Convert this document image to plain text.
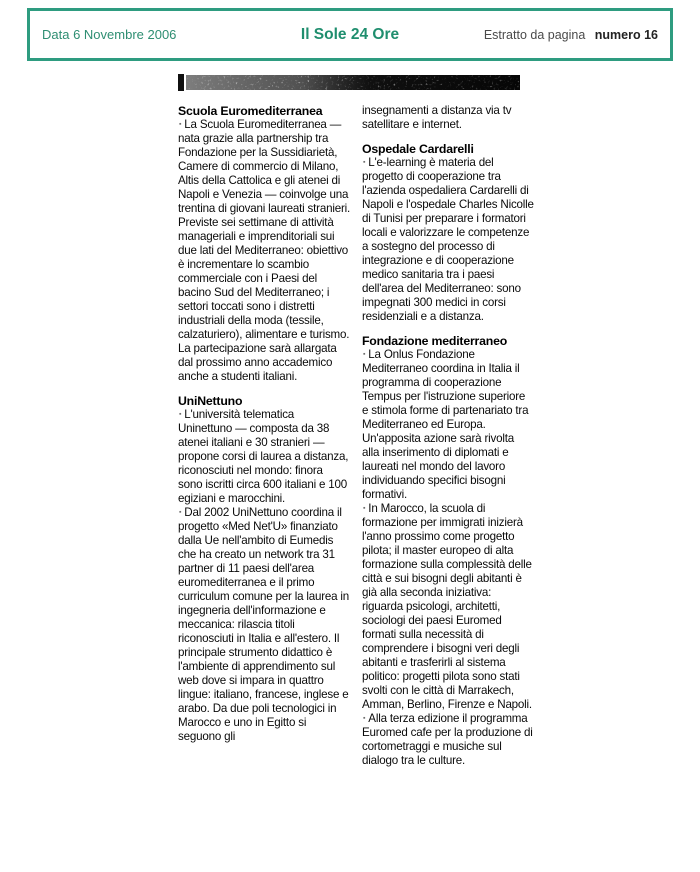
Data 6 Novembre 2006	Il Sole 24 Ore	Estratto da pagina numero 16
Scuola Euromediterranea
▪ La Scuola Euromediterranea — nata grazie alla partnership tra Fondazione per la Sussidiarietà, Camere di commercio di Milano, Altis della Cattolica e gli atenei di Napoli e Venezia — coinvolge una trentina di giovani laureati stranieri. Previste sei settimane di attività manageriali e imprenditoriali sui due lati del Mediterraneo: obiettivo è incrementare lo scambio commerciale con i Paesi del bacino Sud del Mediterraneo; i settori toccati sono i distretti industriali della moda (tessile, calzaturiero), alimentare e turismo. La partecipazione sarà allargata dal prossimo anno accademico anche a studenti italiani.
UniNettuno
▪ L'università telematica Uninettuno — composta da 38 atenei italiani e 30 stranieri — propone corsi di laurea a distanza, riconosciuti nel mondo: finora sono iscritti circa 600 italiani e 100 egiziani e marocchini.
▪ Dal 2002 UniNettuno coordina il progetto «Med Net'U» finanziato dalla Ue nell'ambito di Eumedis che ha creato un network tra 31 partner di 11 paesi dell'area euromediterranea e il primo curriculum comune per la laurea in ingegneria dell'informazione e meccanica: rilascia titoli riconosciuti in Italia e all'estero. Il principale strumento didattico è l'ambiente di apprendimento sul web dove si impara in quattro lingue: italiano, francese, inglese e arabo. Da due poli tecnologici in Marocco e uno in Egitto si seguono gli
insegnamenti a distanza via tv satellitare e internet.
Ospedale Cardarelli
▪ L'e-learning è materia del progetto di cooperazione tra l'azienda ospedaliera Cardarelli di Napoli e l'ospedale Charles Nicolle di Tunisi per preparare i formatori locali e valorizzare le competenze a sostegno del processo di integrazione e di cooperazione medico sanitaria tra i paesi dell'area del Mediterraneo: sono impegnati 300 medici in corsi residenziali e a distanza.
Fondazione mediterraneo
▪ La Onlus Fondazione Mediterraneo coordina in Italia il programma di cooperazione Tempus per l'istruzione superiore e stimola forme di partenariato tra Mediterraneo ed Europa. Un'apposita azione sarà rivolta alla inserimento di diplomati e laureati nel mondo del lavoro individuando specifici bisogni formativi.
▪ In Marocco, la scuola di formazione per immigrati inizierà l'anno prossimo come progetto pilota; il master europeo di alta formazione sulla complessità delle città e sui bisogni degli abitanti è già alla seconda iniziativa: riguarda psicologi, architetti, sociologi dei paesi Euromed formati sulla necessità di comprendere i bisogni veri degli abitanti e trasferirli al sistema politico: progetti pilota sono stati svolti con le città di Marrakech, Amman, Berlino, Firenze e Napoli.
▪ Alla terza edizione il programma Euromed cafe per la produzione di cortometraggi e musiche sul dialogo tra le culture.
